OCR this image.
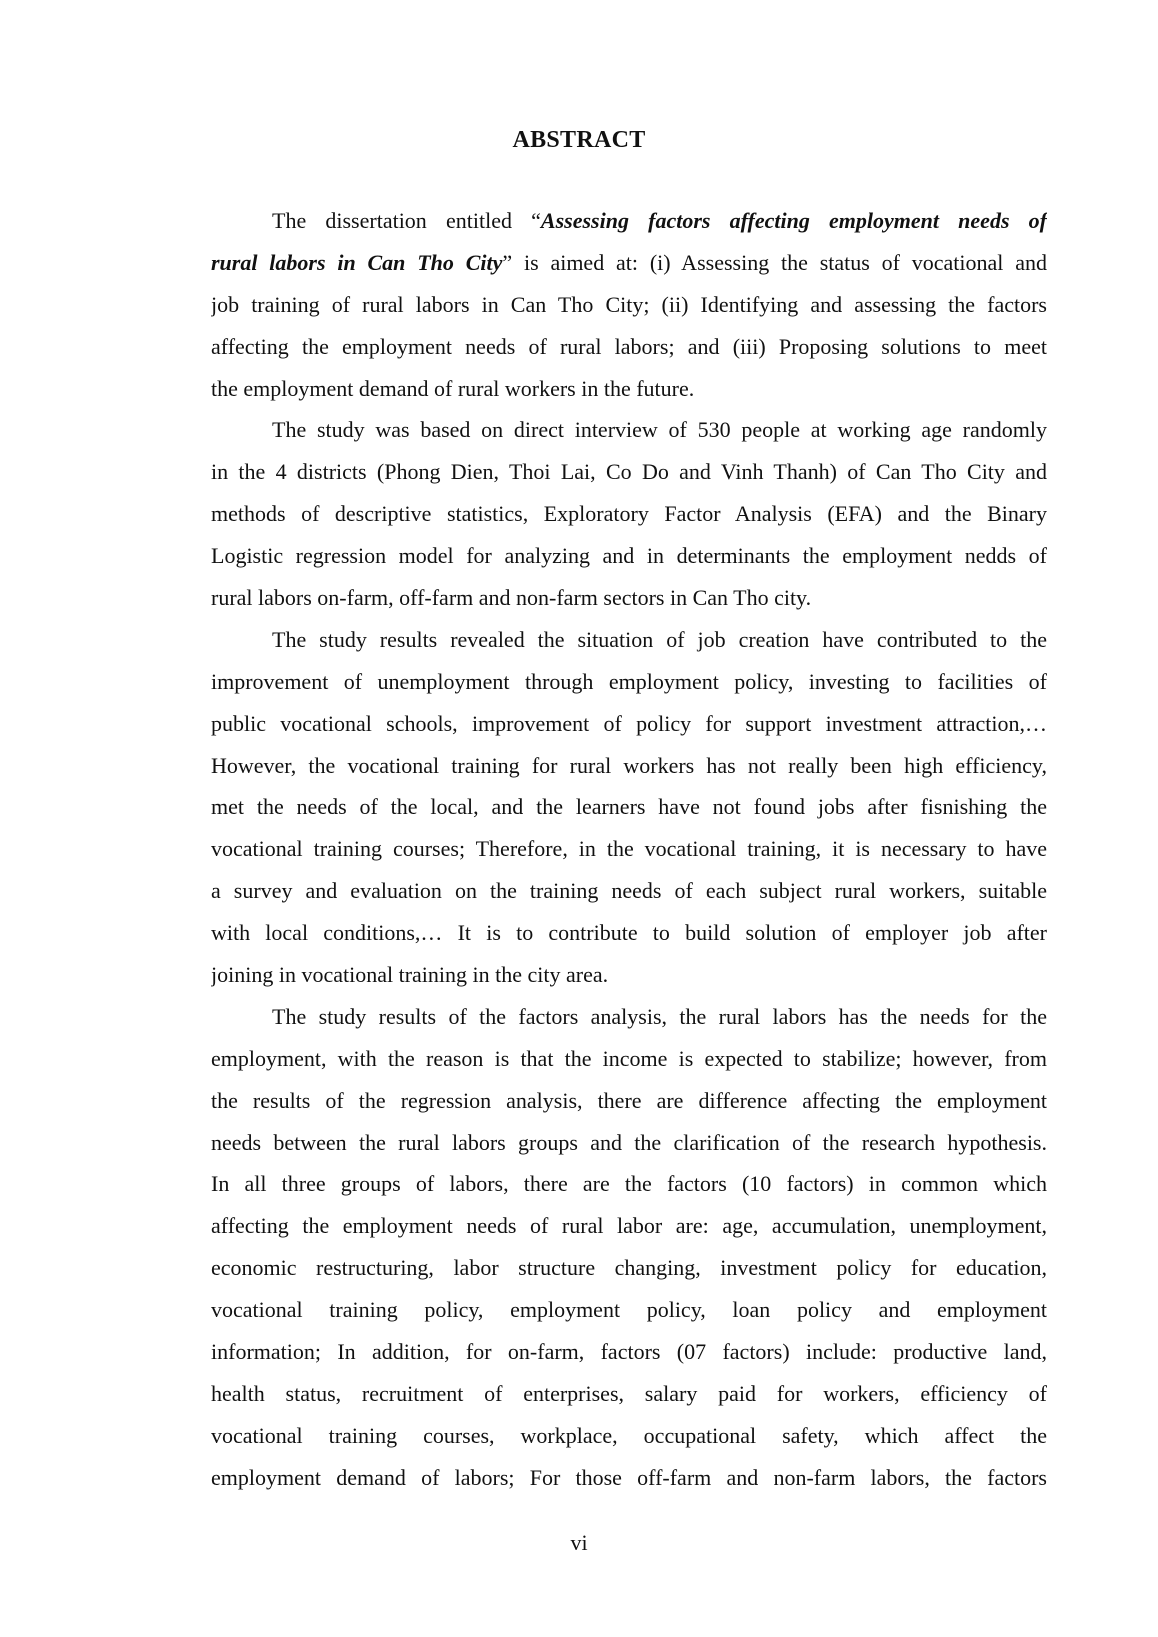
ABSTRACT
The dissertation entitled “Assessing factors affecting employment needs of
rural labors in Can Tho City” is aimed at: (i) Assessing the status of vocational and
job training of rural labors in Can Tho City; (ii) Identifying and assessing the factors
affecting the employment needs of rural labors; and (iii) Proposing solutions to meet
the employment demand of rural workers in the future.
The study was based on direct interview of 530 people at working age randomly
in the 4 districts (Phong Dien, Thoi Lai, Co Do and Vinh Thanh) of Can Tho City and
methods of descriptive statistics, Exploratory Factor Analysis (EFA) and the Binary
Logistic regression model for analyzing and in determinants the employment nedds of
rural labors on-farm, off-farm and non-farm sectors in Can Tho city.
The study results revealed the situation of job creation have contributed to the
improvement of unemployment through employment policy, investing to facilities of
public vocational schools, improvement of policy for support investment attraction,…
However, the vocational training for rural workers has not really been high efficiency,
met the needs of the local, and the learners have not found jobs after fisnishing the
vocational training courses; Therefore, in the vocational training, it is necessary to have
a survey and evaluation on the training needs of each subject rural workers, suitable
with local conditions,… It is to contribute to build solution of employer job after
joining in vocational training in the city area.
The study results of the factors analysis, the rural labors has the needs for the
employment, with the reason is that the income is expected to stabilize; however, from
the results of the regression analysis, there are difference affecting the employment
needs between the rural labors groups and the clarification of the research hypothesis.
In all three groups of labors, there are the factors (10 factors) in common which
affecting the employment needs of rural labor are: age, accumulation, unemployment,
economic restructuring, labor structure changing, investment policy for education,
vocational training policy, employment policy, loan policy and employment
information; In addition, for on-farm, factors (07 factors) include: productive land,
health status, recruitment of enterprises, salary paid for workers, efficiency of
vocational training courses, workplace, occupational safety, which affect the
employment demand of labors; For those off-farm and non-farm labors, the factors
vi
